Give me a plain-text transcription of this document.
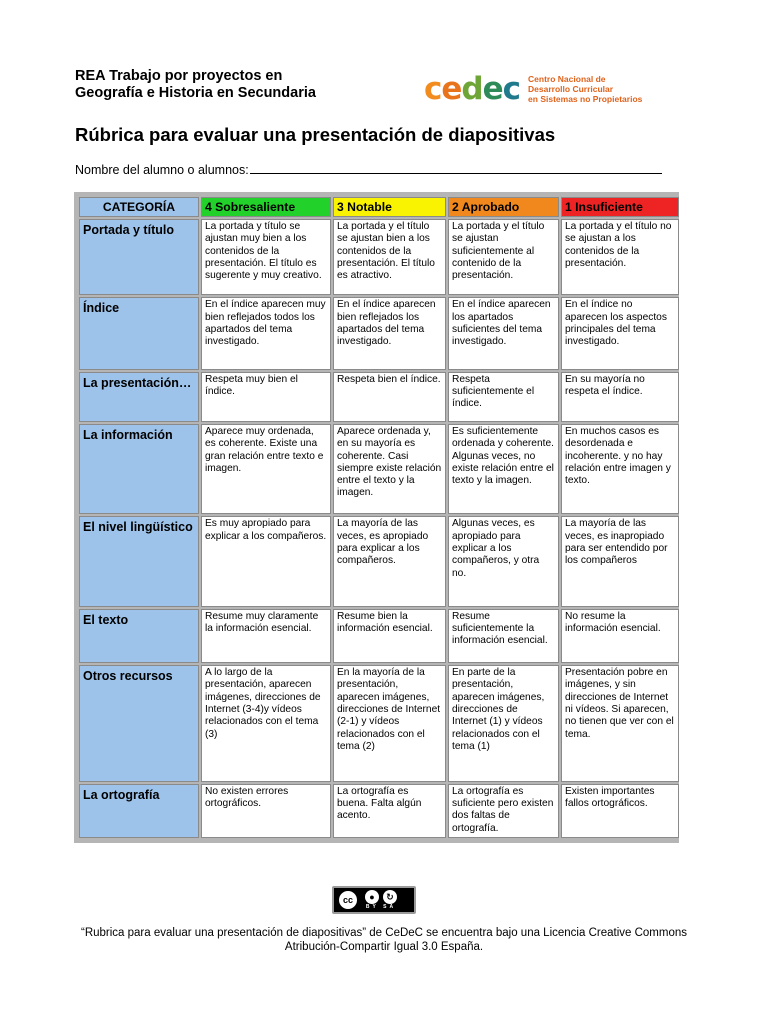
REA Trabajo por proyectos en
Geografía e Historia en Secundaria	cedec Centro Nacional de
Desarrollo Curricular
en Sistemas no Propietarios
Rúbrica para evaluar una presentación de diapositivas
Nombre del alumno o alumnos:
CATEGORÍA	4 Sobresaliente	3 Notable	2 Aprobado	1 Insuficiente
Portada y título	La portada y título se ajustan muy bien a los contenidos de la presentación. El título es sugerente y muy creativo.	La portada y el título se ajustan bien a los contenidos de la presentación. El título es atractivo.	La portada y el título se ajustan suficientemente al contenido de la presentación.	La portada y el título no se ajustan a los contenidos de la presentación.
Índice	En el índice aparecen muy bien reflejados todos los apartados del tema investigado.	En el índice aparecen bien reflejados los apartados del tema investigado.	En el índice aparecen los apartados suficientes del tema investigado.	En el índice no aparecen los aspectos principales del tema investigado.
La presentación…	Respeta muy bien el índice.	Respeta bien el índice.	Respeta suficientemente el índice.	En su mayoría no respeta el índice.
La información	Aparece muy ordenada, es coherente. Existe una gran relación entre texto e imagen.	Aparece ordenada y, en su mayoría es coherente. Casi siempre existe relación entre el texto y la imagen.	Es suficientemente ordenada y coherente. Algunas veces, no existe relación entre el texto y la imagen.	En muchos casos es desordenada e incoherente. y no hay relación entre imagen y texto.
El nivel lingüístico	Es muy apropiado para explicar a los compañeros.	La mayoría de las veces, es apropiado para explicar a los compañeros.	Algunas veces, es apropiado para explicar a los compañeros, y otra no.	La mayoría de las veces, es inapropiado para ser entendido por los compañeros
El texto	Resume muy claramente la información esencial.	Resume bien la información esencial.	Resume suficientemente la información esencial.	No resume la información esencial.
Otros recursos	A lo largo de la presentación, aparecen imágenes, direcciones de Internet (3-4)y vídeos relacionados con el tema (3)	En la mayoría de la presentación, aparecen imágenes, direcciones de Internet (2-1) y vídeos relacionados con el tema (2)	En parte de la presentación, aparecen imágenes, direcciones de Internet (1) y vídeos relacionados con el tema (1)	Presentación pobre en imágenes, y sin direcciones de Internet ni vídeos. Si aparecen, no tienen que ver con el tema.
La ortografía	No existen errores ortográficos.	La ortografía es buena. Falta algún acento.	La ortografía es suficiente pero existen dos faltas de ortografía.	Existen importantes fallos ortográficos.
cc	●	↻
BY SA
“Rubrica para evaluar una presentación de diapositivas” de CeDeC se encuentra bajo una Licencia Creative Commons Atribución-Compartir Igual 3.0 España.
